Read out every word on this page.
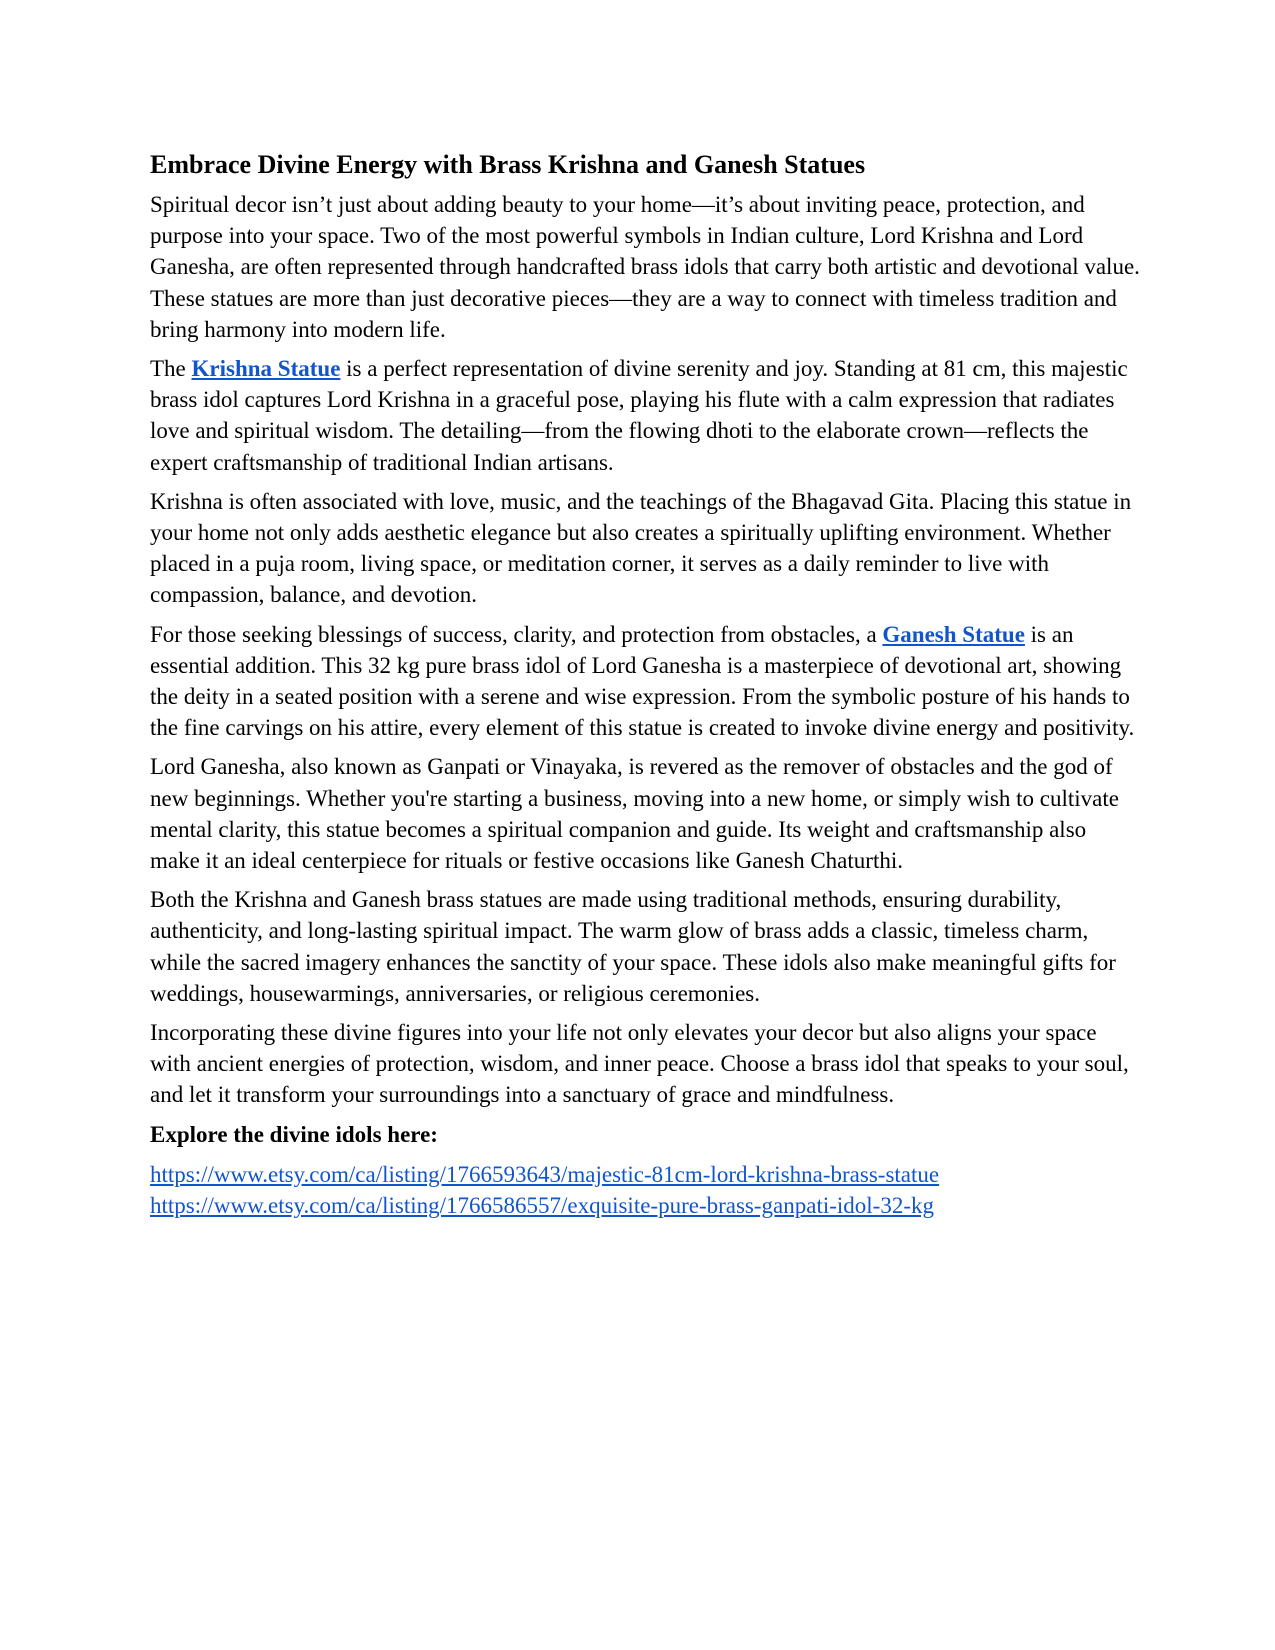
Embrace Divine Energy with Brass Krishna and Ganesh Statues

Spiritual decor isn’t just about adding beauty to your home—it’s about inviting peace, protection, and purpose into your space. Two of the most powerful symbols in Indian culture, Lord Krishna and Lord Ganesha, are often represented through handcrafted brass idols that carry both artistic and devotional value. These statues are more than just decorative pieces—they are a way to connect with timeless tradition and bring harmony into modern life.

The Krishna Statue is a perfect representation of divine serenity and joy. Standing at 81 cm, this majestic brass idol captures Lord Krishna in a graceful pose, playing his flute with a calm expression that radiates love and spiritual wisdom. The detailing—from the flowing dhoti to the elaborate crown—reflects the expert craftsmanship of traditional Indian artisans.

Krishna is often associated with love, music, and the teachings of the Bhagavad Gita. Placing this statue in your home not only adds aesthetic elegance but also creates a spiritually uplifting environment. Whether placed in a puja room, living space, or meditation corner, it serves as a daily reminder to live with compassion, balance, and devotion.

For those seeking blessings of success, clarity, and protection from obstacles, a Ganesh Statue is an essential addition. This 32 kg pure brass idol of Lord Ganesha is a masterpiece of devotional art, showing the deity in a seated position with a serene and wise expression. From the symbolic posture of his hands to the fine carvings on his attire, every element of this statue is created to invoke divine energy and positivity.

Lord Ganesha, also known as Ganpati or Vinayaka, is revered as the remover of obstacles and the god of new beginnings. Whether you're starting a business, moving into a new home, or simply wish to cultivate mental clarity, this statue becomes a spiritual companion and guide. Its weight and craftsmanship also make it an ideal centerpiece for rituals or festive occasions like Ganesh Chaturthi.

Both the Krishna and Ganesh brass statues are made using traditional methods, ensuring durability, authenticity, and long-lasting spiritual impact. The warm glow of brass adds a classic, timeless charm, while the sacred imagery enhances the sanctity of your space. These idols also make meaningful gifts for weddings, housewarmings, anniversaries, or religious ceremonies.

Incorporating these divine figures into your life not only elevates your decor but also aligns your space with ancient energies of protection, wisdom, and inner peace. Choose a brass idol that speaks to your soul, and let it transform your surroundings into a sanctuary of grace and mindfulness.

Explore the divine idols here:

https://www.etsy.com/ca/listing/1766593643/majestic-81cm-lord-krishna-brass-statue
https://www.etsy.com/ca/listing/1766586557/exquisite-pure-brass-ganpati-idol-32-kg
